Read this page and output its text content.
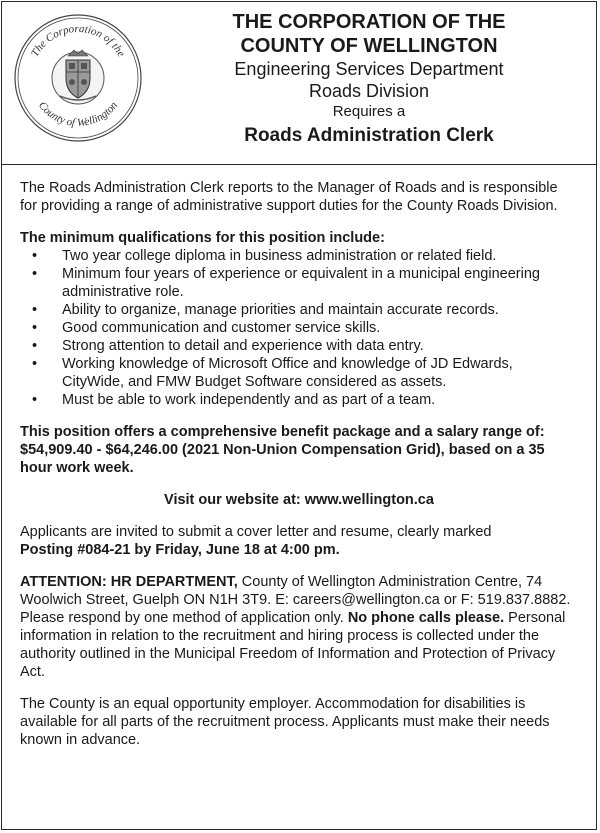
The Corporation of the
County of Wellington
THE CORPORATION OF THE
COUNTY OF WELLINGTON
Engineering Services Department
Roads Division
Requires a
Roads Administration Clerk

The Roads Administration Clerk reports to the Manager of Roads and is responsible for providing a range of administrative support duties for the County Roads Division.

The minimum qualifications for this position include:
• Two year college diploma in business administration or related field.
• Minimum four years of experience or equivalent in a municipal engineering administrative role.
• Ability to organize, manage priorities and maintain accurate records.
• Good communication and customer service skills.
• Strong attention to detail and experience with data entry.
• Working knowledge of Microsoft Office and knowledge of JD Edwards, CityWide, and FMW Budget Software considered as assets.
• Must be able to work independently and as part of a team.

This position offers a comprehensive benefit package and a salary range of: $54,909.40 - $64,246.00 (2021 Non-Union Compensation Grid), based on a 35 hour work week.

Visit our website at: www.wellington.ca

Applicants are invited to submit a cover letter and resume, clearly marked
Posting #084-21 by Friday, June 18 at 4:00 pm.

ATTENTION: HR DEPARTMENT, County of Wellington Administration Centre, 74 Woolwich Street, Guelph ON N1H 3T9. E: careers@wellington.ca or F: 519.837.8882. Please respond by one method of application only. No phone calls please. Personal information in relation to the recruitment and hiring process is collected under the authority outlined in the Municipal Freedom of Information and Protection of Privacy Act.

The County is an equal opportunity employer. Accommodation for disabilities is available for all parts of the recruitment process. Applicants must make their needs known in advance.
